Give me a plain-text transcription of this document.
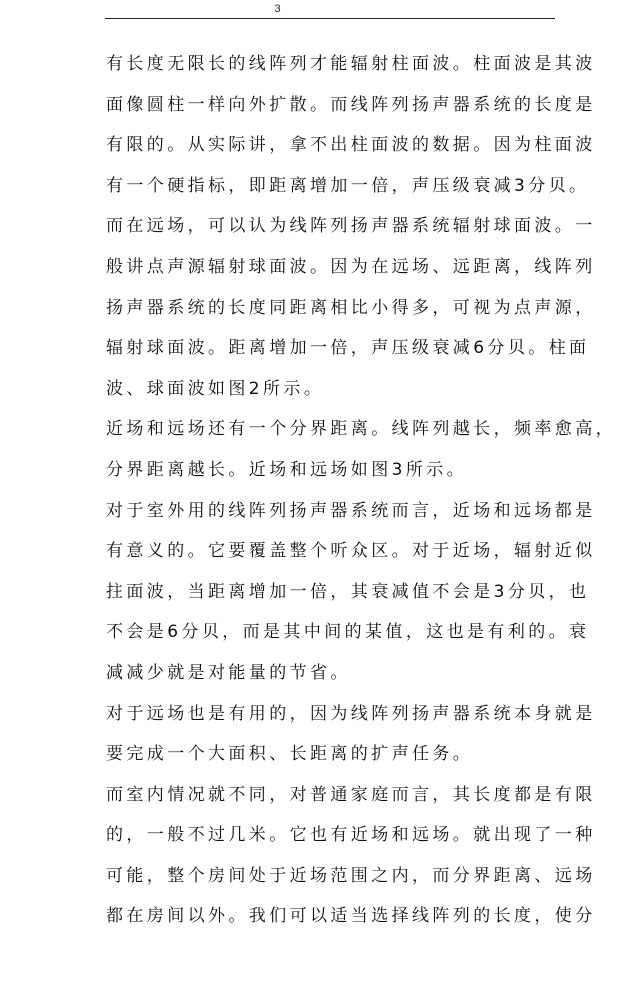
3
有长度无限长的线阵列才能辐射柱面波。柱面波是其波
面像圆柱一样向外扩散。而线阵列扬声器系统的长度是
有限的。从实际讲，拿不出柱面波的数据。因为柱面波
有一个硬指标，即距离增加一倍，声压级衰减3分贝。
而在远场，可以认为线阵列扬声器系统辐射球面波。一
般讲点声源辐射球面波。因为在远场、远距离，线阵列
扬声器系统的长度同距离相比小得多，可视为点声源，
辐射球面波。距离增加一倍，声压级衰减6分贝。柱面
波、球面波如图2所示。
近场和远场还有一个分界距离。线阵列越长，频率愈高，
分界距离越长。近场和远场如图3所示。
对于室外用的线阵列扬声器系统而言，近场和远场都是
有意义的。它要覆盖整个听众区。对于近场，辐射近似
拄面波，当距离增加一倍，其衰减值不会是3分贝，也
不会是6分贝，而是其中间的某值，这也是有利的。衰
减减少就是对能量的节省。
对于远场也是有用的，因为线阵列扬声器系统本身就是
要完成一个大面积、长距离的扩声任务。
而室内情况就不同，对普通家庭而言，其长度都是有限
的，一般不过几米。它也有近场和远场。就出现了一种
可能，整个房间处于近场范围之内，而分界距离、远场
都在房间以外。我们可以适当选择线阵列的长度，使分
